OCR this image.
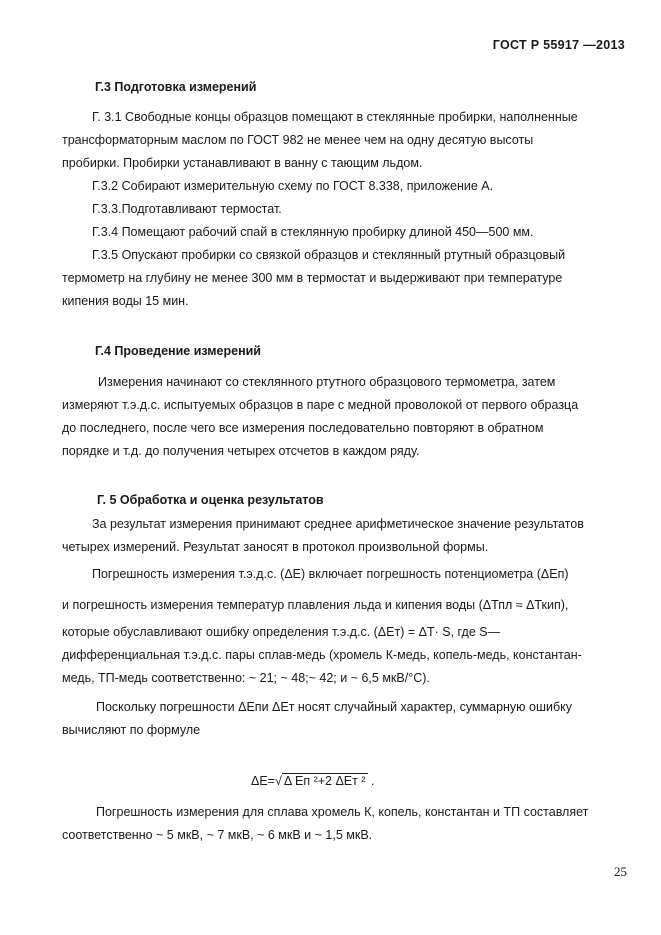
ГОСТ Р 55917 —2013
Г.3 Подготовка измерений
Г. 3.1 Свободные концы образцов помещают в стеклянные пробирки, наполненные
трансформаторным маслом по ГОСТ 982 не менее чем на одну десятую высоты
пробирки. Пробирки устанавливают в ванну с тающим льдом.
Г.3.2 Собирают измерительную схему по ГОСТ 8.338, приложение А.
Г.3.3.Подготавливают термостат.
Г.3.4 Помещают рабочий спай в стеклянную пробирку длиной 450—500 мм.
Г.3.5 Опускают пробирки со связкой образцов и стеклянный ртутный образцовый
термометр на глубину не менее 300 мм в термостат и выдерживают при температуре
кипения воды 15 мин.
Г.4 Проведение измерений
Измерения начинают со стеклянного ртутного образцового термометра, затем
измеряют т.э.д.с. испытуемых образцов в паре с медной проволокой от первого образца
до последнего, после чего все измерения последовательно повторяют в обратном
порядке и т.д. до получения четырех отсчетов в каждом ряду.
Г. 5 Обработка и оценка результатов
За результат измерения принимают среднее арифметическое значение результатов
четырех измерений. Результат заносят в протокол произвольной формы.
Погрешность измерения т.э.д.с. (ΔЕ) включает погрешность потенциометра (ΔЕп)
и погрешность измерения температур плавления льда и кипения воды (ΔТпл ≈ ΔТкип),
которые обуславливают ошибку определения т.э.д.с. (ΔЕт) = ΔТ· S, где S—
дифференциальная т.э.д.с. пары сплав-медь (хромель К-медь, копель-медь, константан-
медь, ТП-медь соответственно: ~ 21; ~ 48;~ 42; и ~ 6,5 мкВ/°С).
Поскольку погрешности ΔЕпи ΔЕт носят случайный характер, суммарную ошибку
вычисляют по формуле
ΔЕ=√ Δ Еп ²+2 ΔЕт ² .
Погрешность измерения для сплава хромель К, копель, константан и ТП составляет
соответственно ~ 5 мкВ, ~ 7 мкВ, ~ 6 мкВ и ~ 1,5 мкВ.
25
